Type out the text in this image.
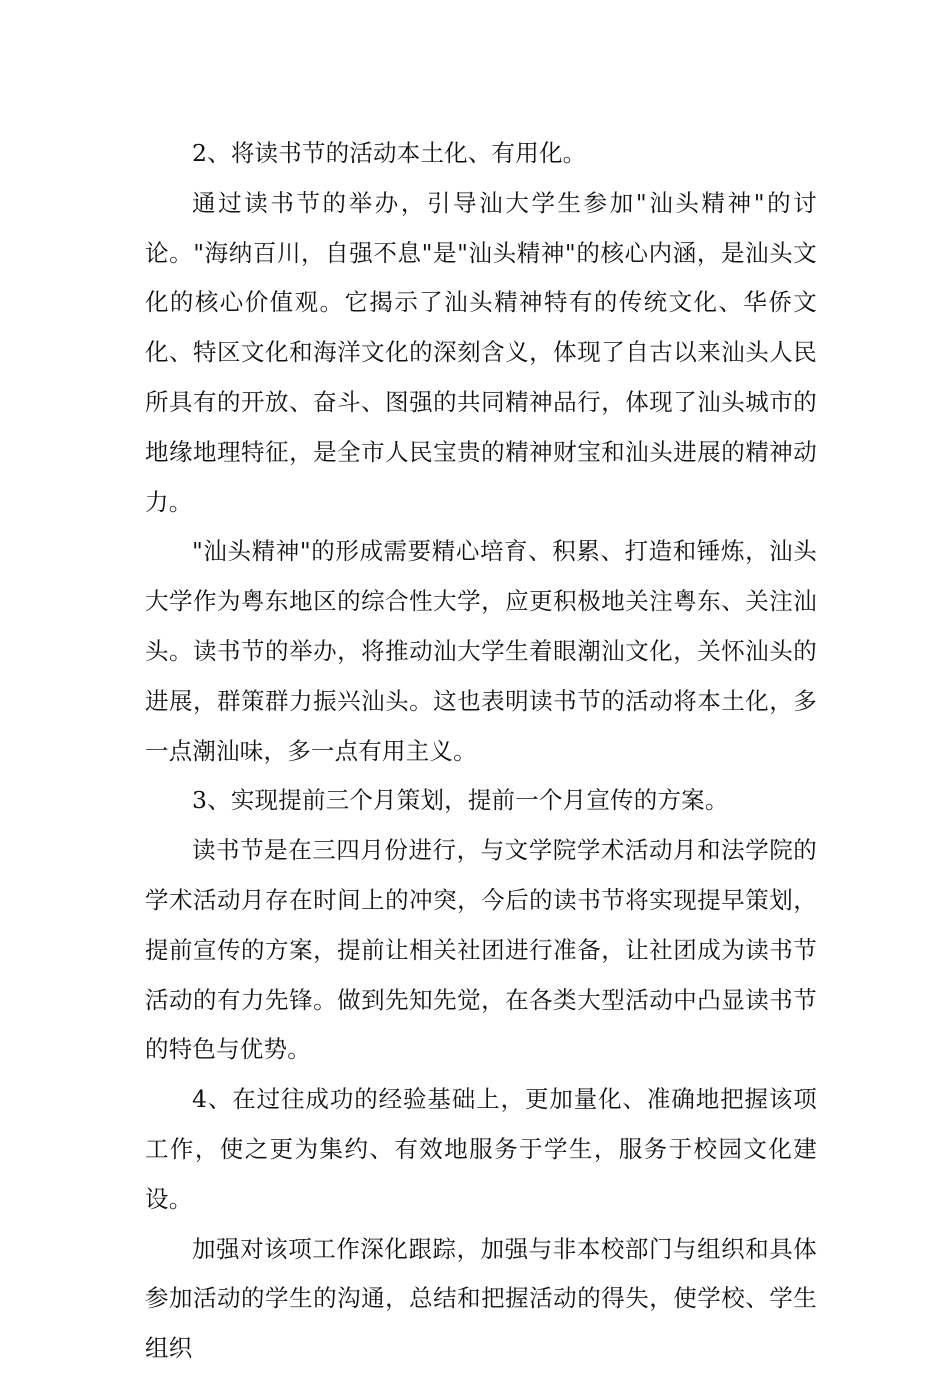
2、将读书节的活动本土化、有用化。

通过读书节的举办，引导汕大学生参加"汕头精神"的讨论。"海纳百川，自强不息"是"汕头精神"的核心内涵，是汕头文化的核心价值观。它揭示了汕头精神特有的传统文化、华侨文化、特区文化和海洋文化的深刻含义，体现了自古以来汕头人民所具有的开放、奋斗、图强的共同精神品行，体现了汕头城市的地缘地理特征，是全市人民宝贵的精神财宝和汕头进展的精神动力。

"汕头精神"的形成需要精心培育、积累、打造和锤炼，汕头大学作为粤东地区的综合性大学，应更积极地关注粤东、关注汕头。读书节的举办，将推动汕大学生着眼潮汕文化，关怀汕头的进展，群策群力振兴汕头。这也表明读书节的活动将本土化，多一点潮汕味，多一点有用主义。

3、实现提前三个月策划，提前一个月宣传的方案。

读书节是在三四月份进行，与文学院学术活动月和法学院的学术活动月存在时间上的冲突，今后的读书节将实现提早策划，提前宣传的方案，提前让相关社团进行准备，让社团成为读书节活动的有力先锋。做到先知先觉，在各类大型活动中凸显读书节的特色与优势。

4、在过往成功的经验基础上，更加量化、准确地把握该项工作，使之更为集约、有效地服务于学生，服务于校园文化建设。

加强对该项工作深化跟踪，加强与非本校部门与组织和具体参加活动的学生的沟通，总结和把握活动的得失，使学校、学生组织
